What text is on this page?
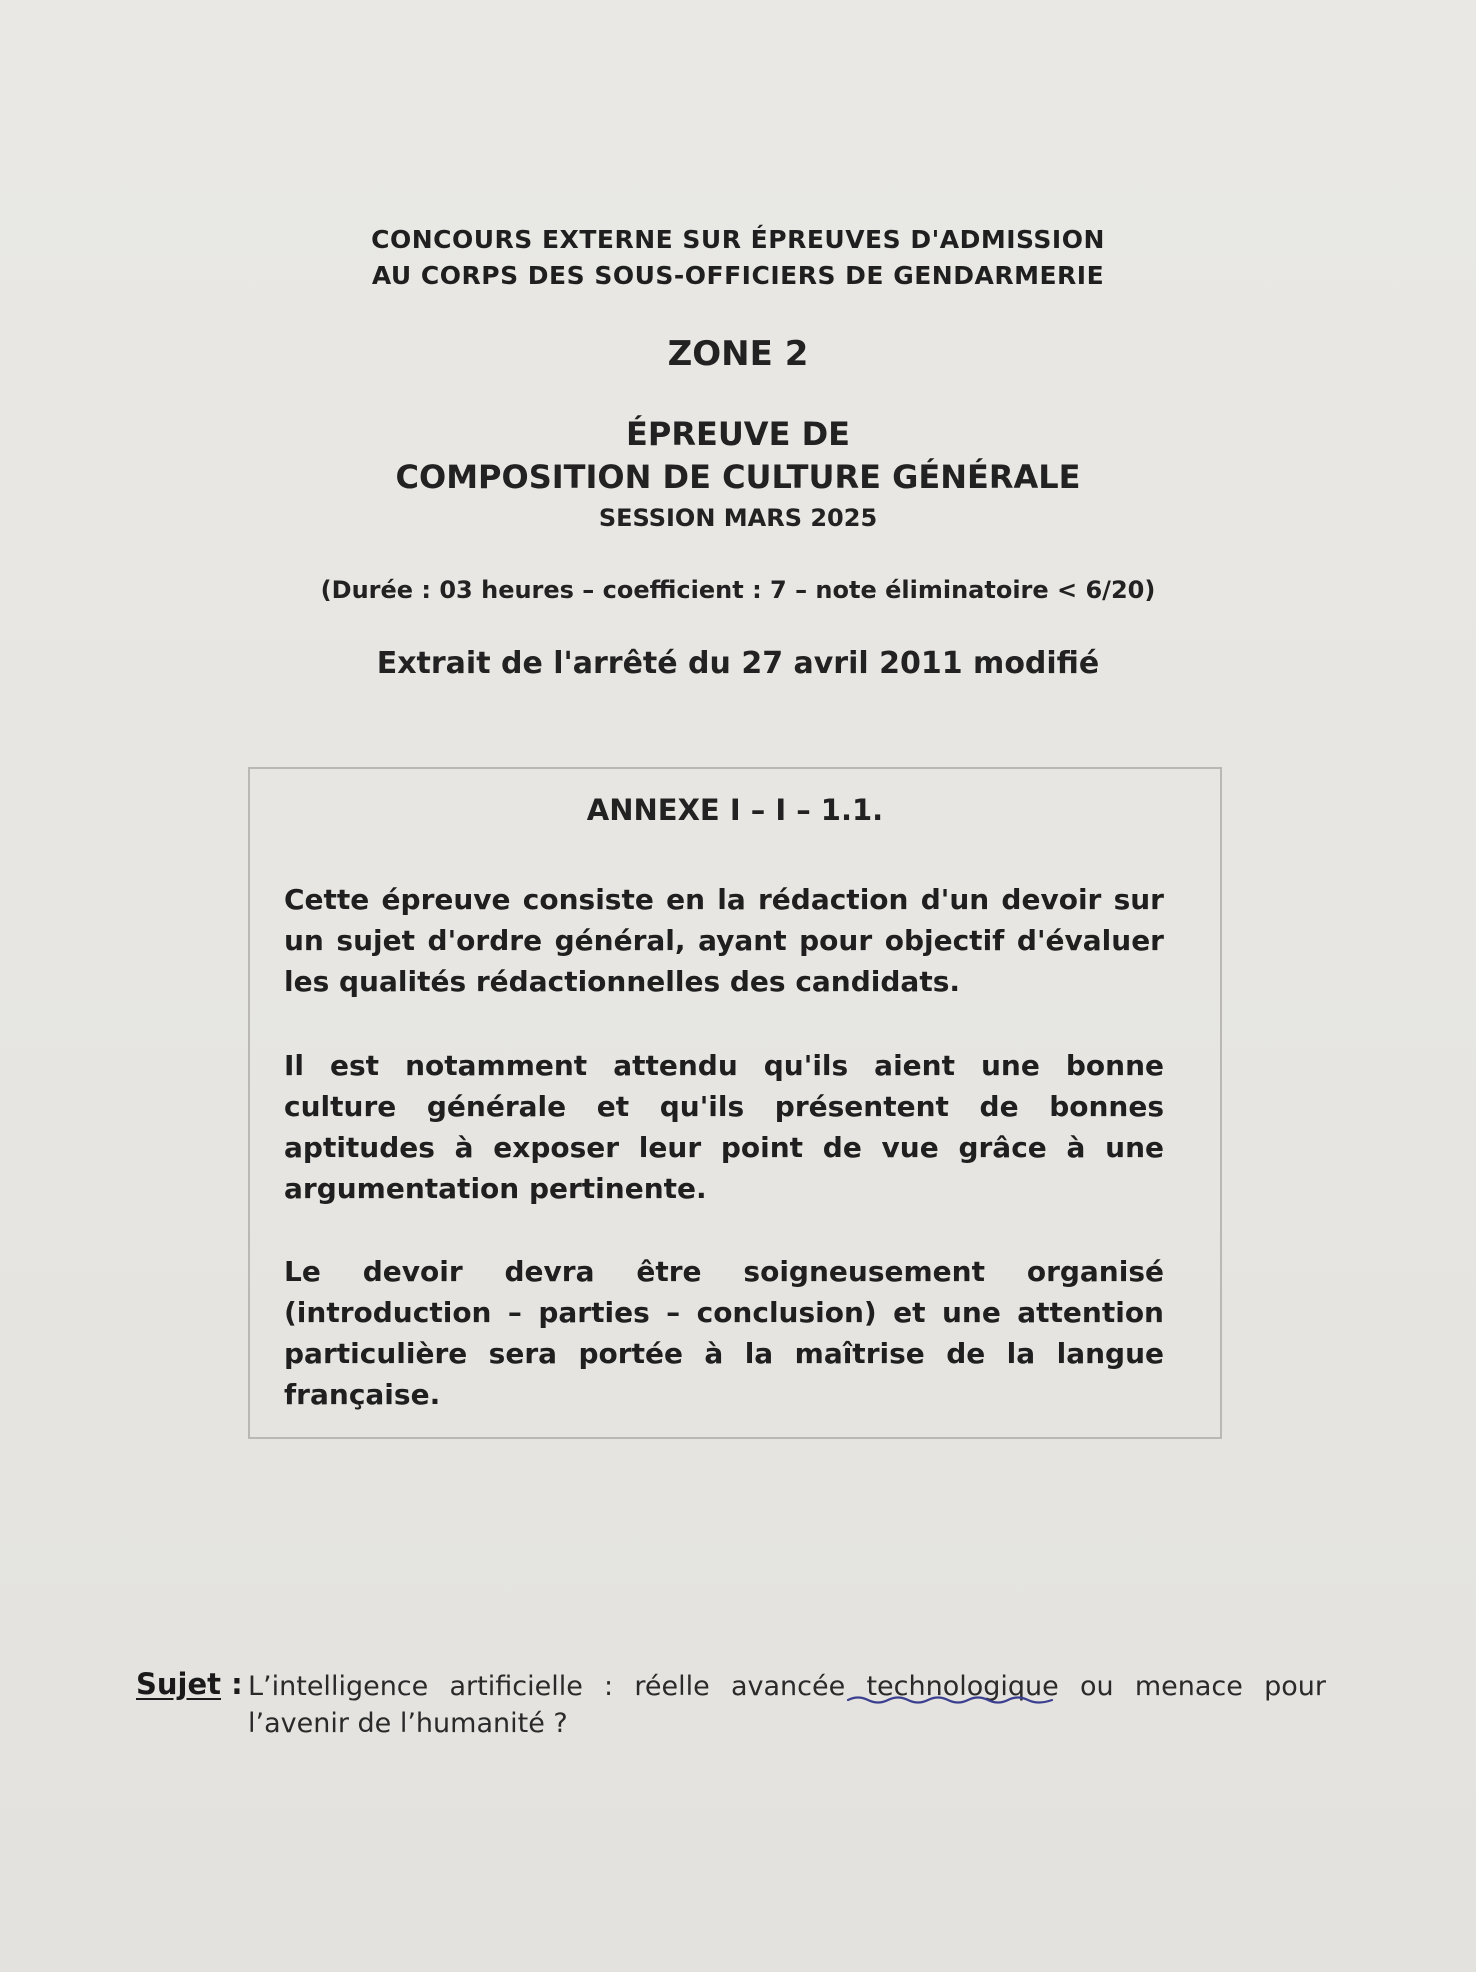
CONCOURS EXTERNE SUR ÉPREUVES D'ADMISSION
AU CORPS DES SOUS-OFFICIERS DE GENDARMERIE
ZONE 2
ÉPREUVE DE
COMPOSITION DE CULTURE GÉNÉRALE
SESSION MARS 2025
(Durée : 03 heures – coefficient : 7 – note éliminatoire < 6/20)
Extrait de l'arrêté du 27 avril 2011 modifié
ANNEXE I – I – 1.1.
Cette épreuve consiste en la rédaction d'un devoir sur un sujet d'ordre général, ayant pour objectif d'évaluer les qualités rédactionnelles des candidats.
Il est notamment attendu qu'ils aient une bonne culture générale et qu'ils présentent de bonnes aptitudes à exposer leur point de vue grâce à une argumentation pertinente.
Le devoir devra être soigneusement organisé (introduction – parties – conclusion) et une attention particulière sera portée à la maîtrise de la langue française.
Sujet : L’intelligence artificielle : réelle avancée technologique ou menace pour l’avenir de l’humanité ?
